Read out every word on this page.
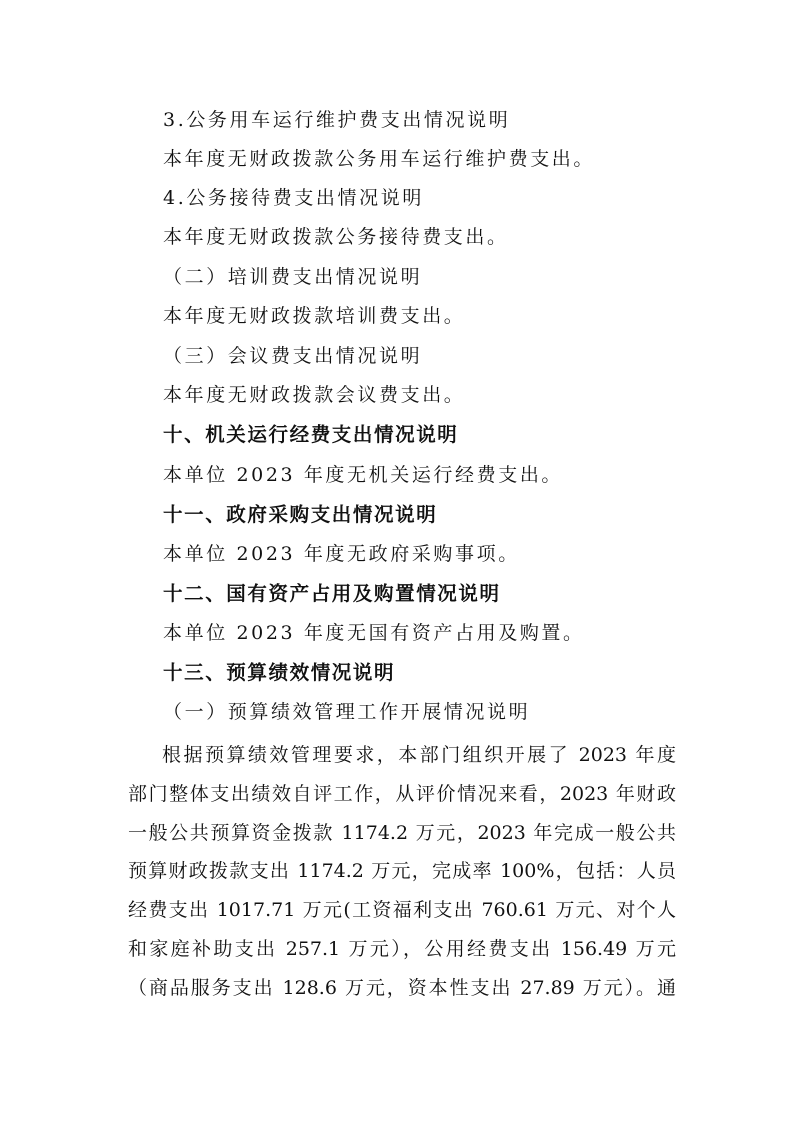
3.公务用车运行维护费支出情况说明
本年度无财政拨款公务用车运行维护费支出。
4.公务接待费支出情况说明
本年度无财政拨款公务接待费支出。
（二）培训费支出情况说明
本年度无财政拨款培训费支出。
（三）会议费支出情况说明
本年度无财政拨款会议费支出。
十、机关运行经费支出情况说明
本单位 2023 年度无机关运行经费支出。
十一、政府采购支出情况说明
本单位 2023 年度无政府采购事项。
十二、国有资产占用及购置情况说明
本单位 2023 年度无国有资产占用及购置。
十三、预算绩效情况说明
（一）预算绩效管理工作开展情况说明
根据预算绩效管理要求，本部门组织开展了 2023 年度
部门整体支出绩效自评工作，从评价情况来看，2023 年财政
一般公共预算资金拨款 1174.2 万元，2023 年完成一般公共
预算财政拨款支出 1174.2 万元，完成率 100%，包括：人员
经费支出 1017.71 万元(工资福利支出 760.61 万元、对个人
和家庭补助支出 257.1 万元），公用经费支出 156.49 万元
（商品服务支出 128.6 万元，资本性支出 27.89 万元）。通
